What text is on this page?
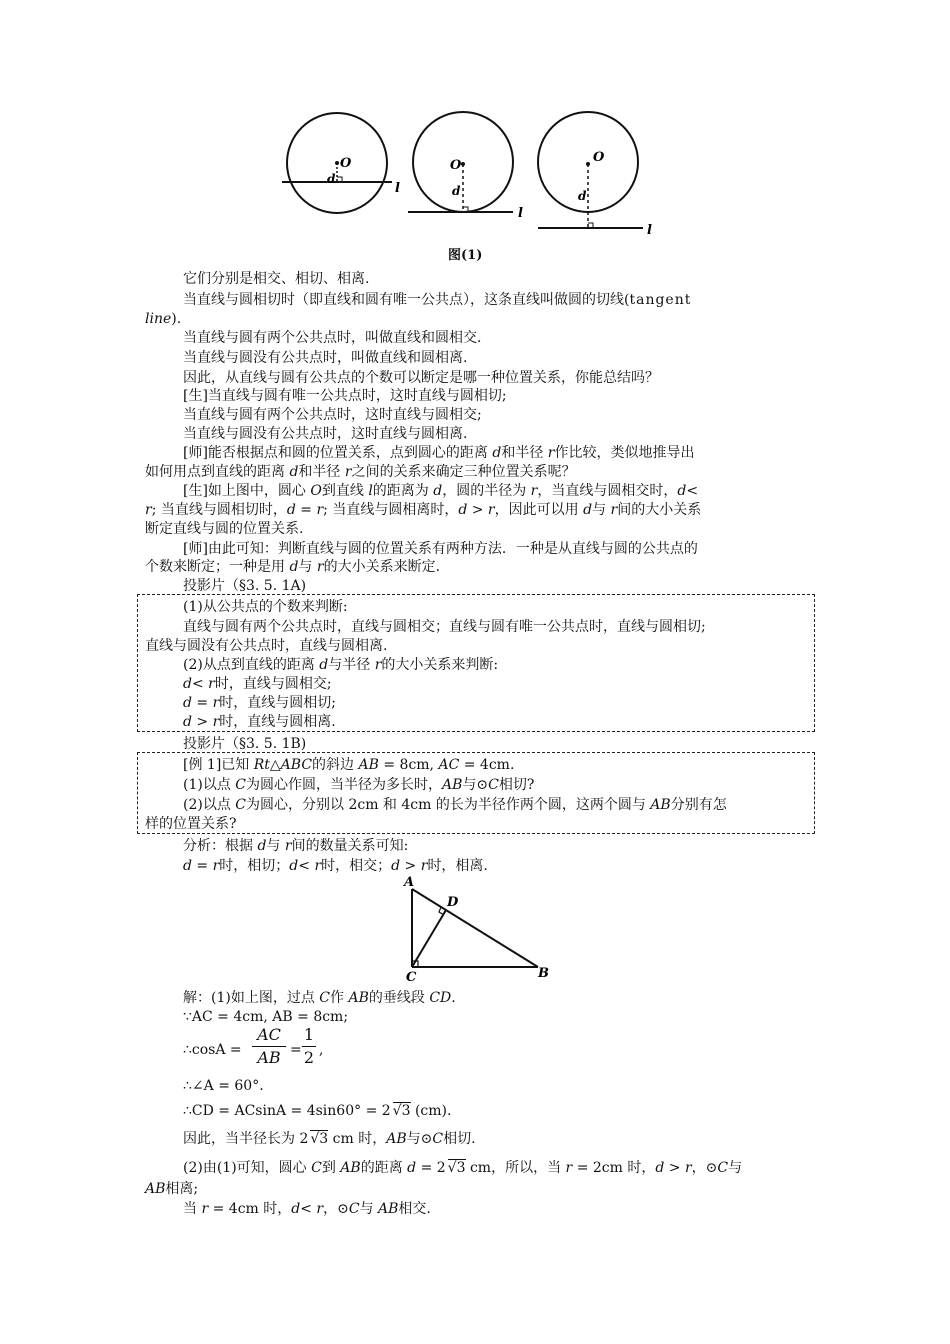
O
d
l
O
d
l
O
d
l
图(1)
它们分别是相交、相切、相离.
当直线与圆相切时（即直线和圆有唯一公共点），这条直线叫做圆的切线(tangent
line).
当直线与圆有两个公共点时，叫做直线和圆相交.
当直线与圆没有公共点时，叫做直线和圆相离.
因此，从直线与圆有公共点的个数可以断定是哪一种位置关系，你能总结吗？
[生]当直线与圆有唯一公共点时，这时直线与圆相切;
当直线与圆有两个公共点时，这时直线与圆相交;
当直线与圆没有公共点时，这时直线与圆相离.
[师]能否根据点和圆的位置关系，点到圆心的距离 d和半径 r作比较，类似地推导出
如何用点到直线的距离 d和半径 r之间的关系来确定三种位置关系呢？
[生]如上图中，圆心 O到直线 l的距离为 d，圆的半径为 r，当直线与圆相交时，d<
r; 当直线与圆相切时，d = r; 当直线与圆相离时，d > r，因此可以用 d与 r间的大小关系
断定直线与圆的位置关系.
[师]由此可知：判断直线与圆的位置关系有两种方法．一种是从直线与圆的公共点的
个数来断定；一种是用 d与 r的大小关系来断定.
投影片（§3. 5. 1A)
(1)从公共点的个数来判断:
直线与圆有两个公共点时，直线与圆相交；直线与圆有唯一公共点时，直线与圆相切;
直线与圆没有公共点时，直线与圆相离.
(2)从点到直线的距离 d与半径 r的大小关系来判断:
d< r时，直线与圆相交;
d = r时，直线与圆相切;
d > r时，直线与圆相离.
投影片（§3. 5. 1B)
[例 1]已知 Rt△ABC的斜边 AB = 8cm, AC = 4cm.
(1)以点 C为圆心作圆，当半径为多长时，AB与⊙C相切?
(2)以点 C为圆心，分别以 2cm 和 4cm 的长为半径作两个圆，这两个圆与 AB分别有怎
样的位置关系?
分析：根据 d与 r间的数量关系可知:
d = r时，相切；d< r时，相交；d > r时，相离.
A
D
C	B
解：(1)如上图，过点 C作 AB的垂线段 CD.
∵AC = 4cm, AB = 8cm;
∴cosA =
AC
AB =
1
2 ,
∴∠A = 60°.
∴CD = ACsinA = 4sin60° = 2 √3 (cm).
因此，当半径长为 2 √3 cm 时，AB与⊙C相切.
(2)由(1)可知，圆心 C到 AB的距离 d = 2 √3 cm，所以，当 r = 2cm 时，d > r，⊙C与
AB相离;
当 r = 4cm 时，d< r，⊙C与 AB相交.
